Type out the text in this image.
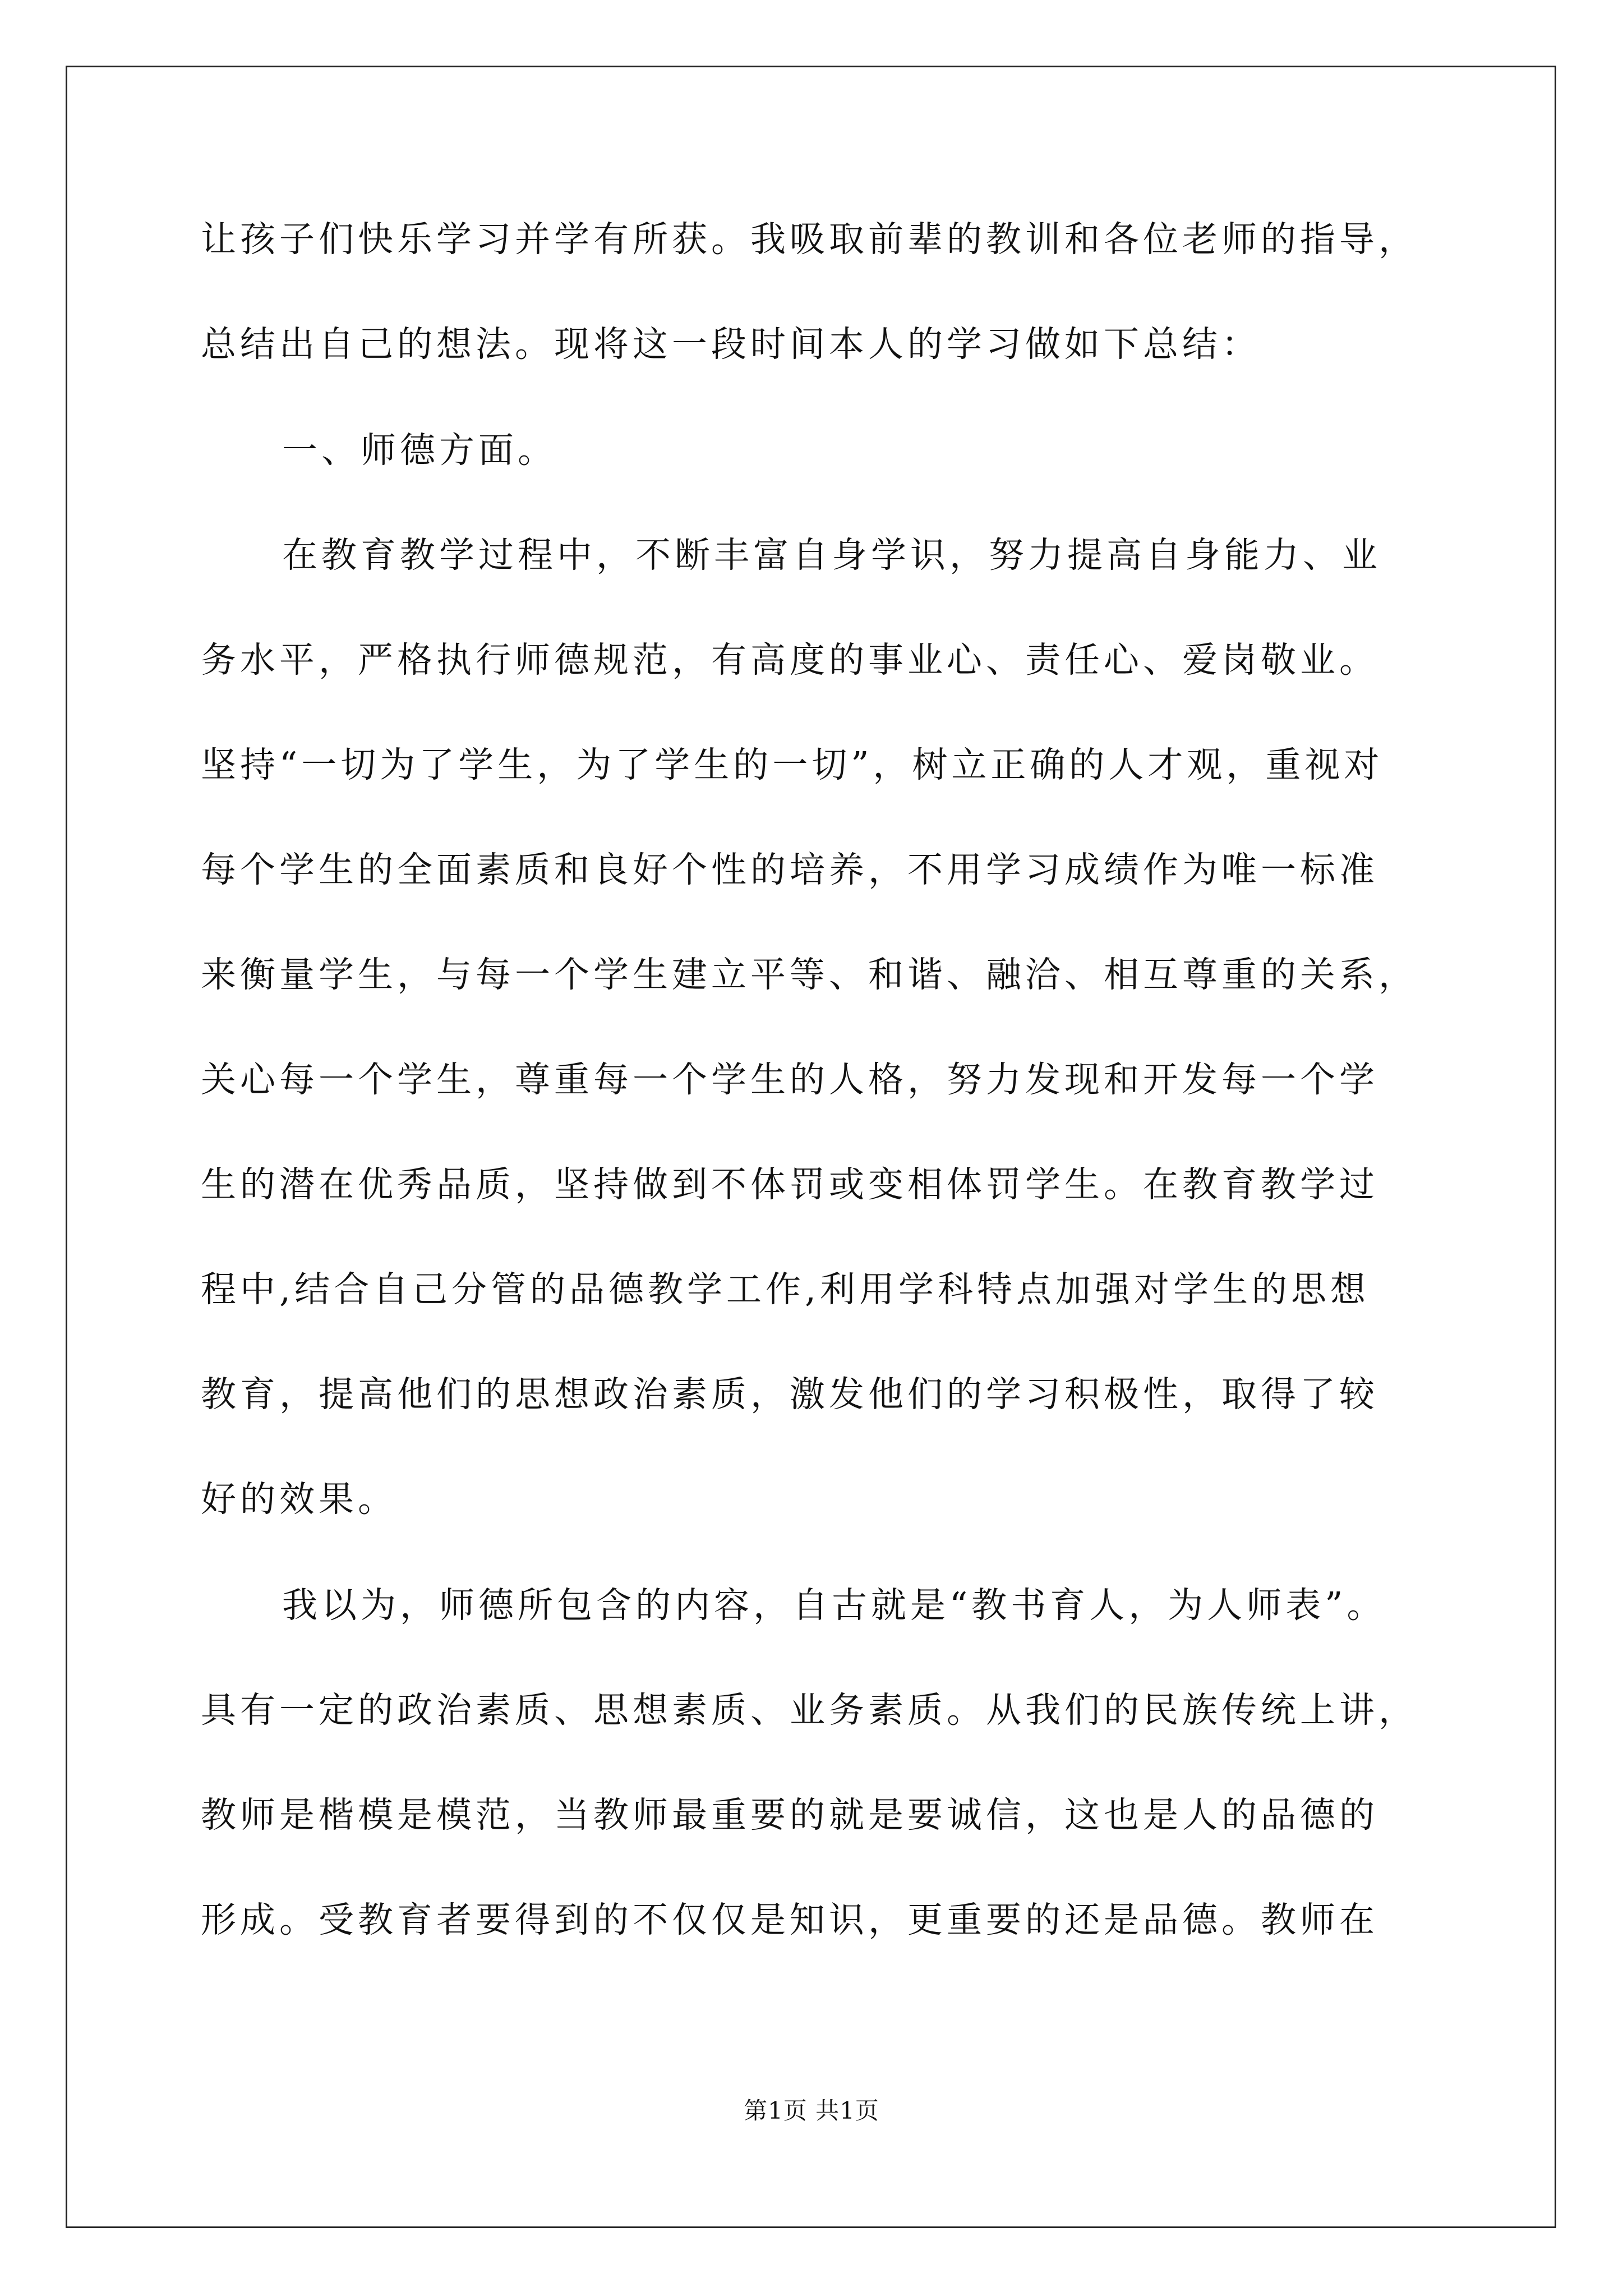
让孩子们快乐学习并学有所获。我吸取前辈的教训和各位老师的指导，
总结出自己的想法。现将这一段时间本人的学习做如下总结：
一、师德方面。
在教育教学过程中，不断丰富自身学识，努力提高自身能力、业
务水平，严格执行师德规范，有高度的事业心、责任心、爱岗敬业。
坚持“一切为了学生，为了学生的一切”，树立正确的人才观，重视对
每个学生的全面素质和良好个性的培养，不用学习成绩作为唯一标准
来衡量学生，与每一个学生建立平等、和谐、融洽、相互尊重的关系，
关心每一个学生，尊重每一个学生的人格，努力发现和开发每一个学
生的潜在优秀品质，坚持做到不体罚或变相体罚学生。在教育教学过
程中,结合自己分管的品德教学工作,利用学科特点加强对学生的思想
教育，提高他们的思想政治素质，激发他们的学习积极性，取得了较
好的效果。
我以为，师德所包含的内容，自古就是“教书育人，为人师表”。
具有一定的政治素质、思想素质、业务素质。从我们的民族传统上讲，
教师是楷模是模范，当教师最重要的就是要诚信，这也是人的品德的
形成。受教育者要得到的不仅仅是知识，更重要的还是品德。教师在
第1页 共1页
